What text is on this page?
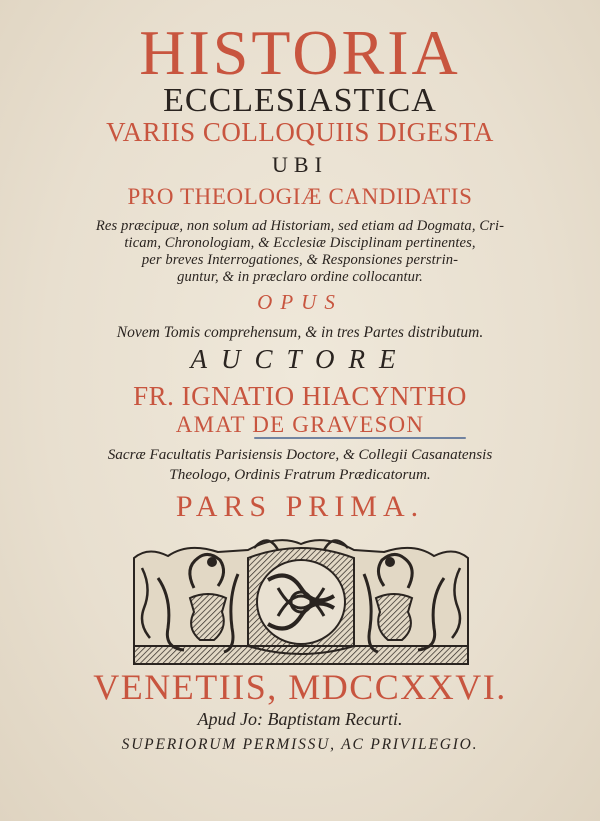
HISTORIA
ECCLESIASTICA
VARIIS COLLOQUIIS DIGESTA
UBI
PRO THEOLOGIÆ CANDIDATIS
Res præcipuæ, non solum ad Historiam, sed etiam ad Dogmata, Cri-
ticam, Chronologiam, & Ecclesiæ Disciplinam pertinentes,
per breves Interrogationes, & Responsiones perstrin-
guntur, & in præclaro ordine collocantur.
OPUS
Novem Tomis comprehensum, & in tres Partes distributum.
AUCTORE
FR. IGNATIO HIACYNTHO
AMAT DE GRAVESON
Sacræ Facultatis Parisiensis Doctore, & Collegii Casanatensis
Theologo, Ordinis Fratrum Prædicatorum.
PARS PRIMA.
VENETIIS, MDCCXXVI.
Apud Jo: Baptistam Recurti.
SUPERIORUM PERMISSU, AC PRIVILEGIO.
